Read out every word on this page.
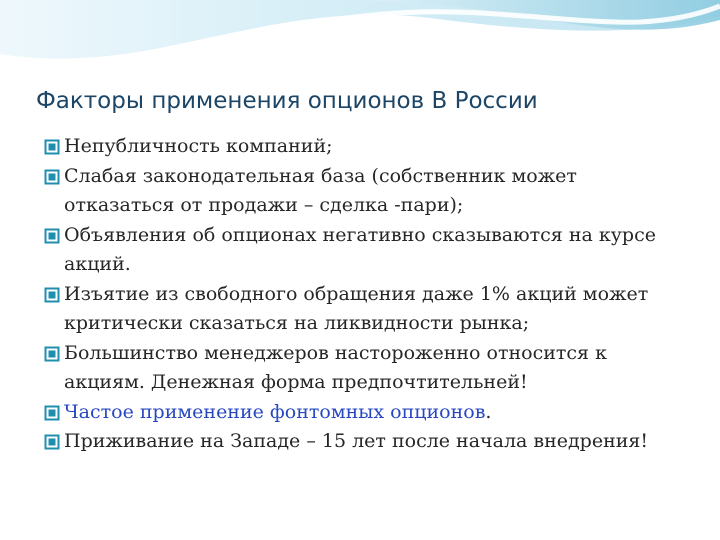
Факторы применения опционов В России
Непубличность компаний;
Слабая законодательная база (собственник может отказаться от продажи – сделка -пари);
Объявления об опционах негативно сказываются на курсе акций.
Изъятие из свободного обращения даже 1% акций может критически сказаться на ликвидности рынка;
Большинство менеджеров настороженно относится к акциям. Денежная форма предпочтительней!
Частое применение фонтомных опционов.
Приживание на Западе – 15 лет после начала внедрения!
